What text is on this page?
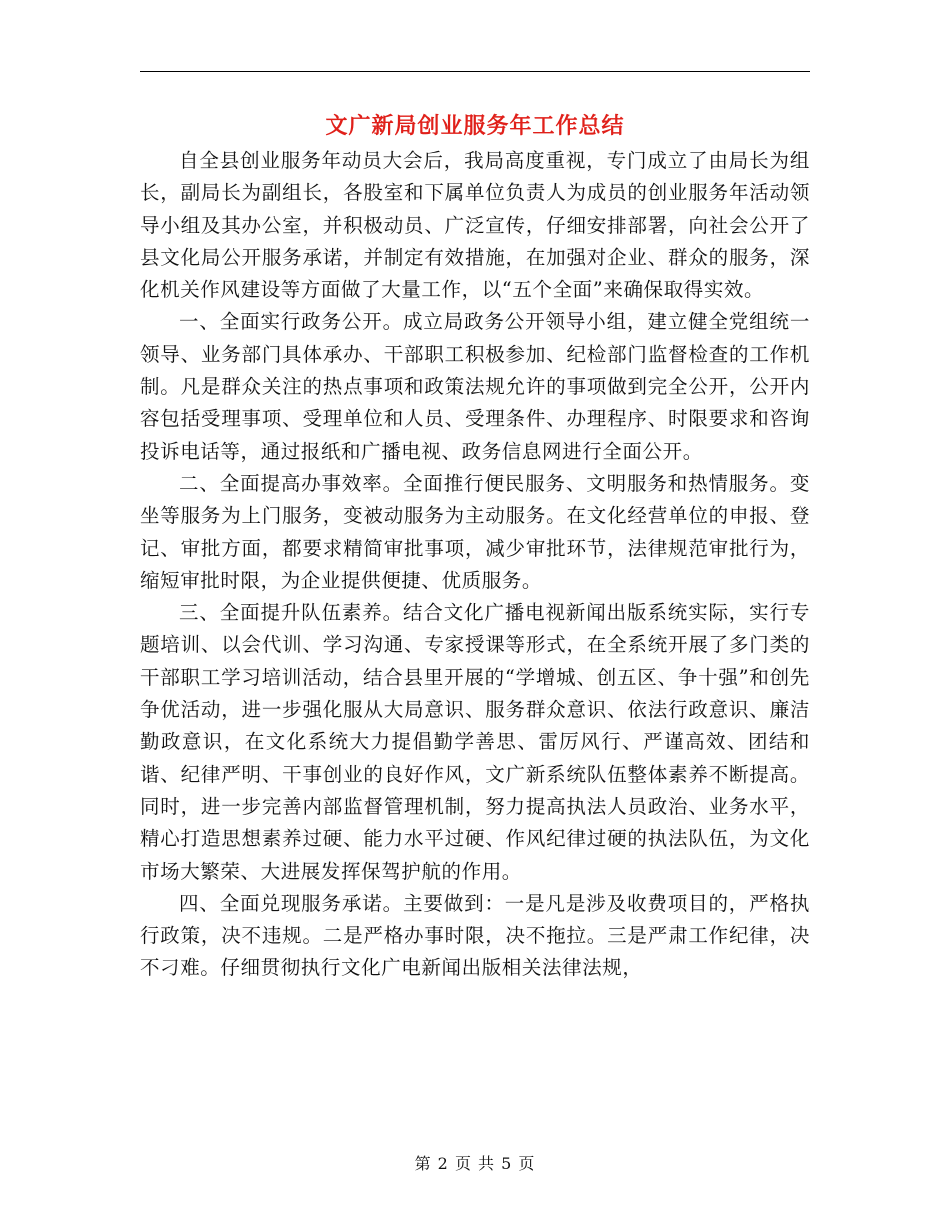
文广新局创业服务年工作总结

自全县创业服务年动员大会后，我局高度重视，专门成立了由局长为组长，副局长为副组长，各股室和下属单位负责人为成员的创业服务年活动领导小组及其办公室，并积极动员、广泛宣传，仔细安排部署，向社会公开了县文化局公开服务承诺，并制定有效措施，在加强对企业、群众的服务，深化机关作风建设等方面做了大量工作，以“五个全面”来确保取得实效。

一、全面实行政务公开。成立局政务公开领导小组，建立健全党组统一领导、业务部门具体承办、干部职工积极参加、纪检部门监督检查的工作机制。凡是群众关注的热点事项和政策法规允许的事项做到完全公开，公开内容包括受理事项、受理单位和人员、受理条件、办理程序、时限要求和咨询投诉电话等，通过报纸和广播电视、政务信息网进行全面公开。

二、全面提高办事效率。全面推行便民服务、文明服务和热情服务。变坐等服务为上门服务，变被动服务为主动服务。在文化经营单位的申报、登记、审批方面，都要求精简审批事项，减少审批环节，法律规范审批行为，缩短审批时限，为企业提供便捷、优质服务。

三、全面提升队伍素养。结合文化广播电视新闻出版系统实际，实行专题培训、以会代训、学习沟通、专家授课等形式，在全系统开展了多门类的干部职工学习培训活动，结合县里开展的“学增城、创五区、争十强”和创先争优活动，进一步强化服从大局意识、服务群众意识、依法行政意识、廉洁勤政意识，在文化系统大力提倡勤学善思、雷厉风行、严谨高效、团结和谐、纪律严明、干事创业的良好作风，文广新系统队伍整体素养不断提高。同时，进一步完善内部监督管理机制，努力提高执法人员政治、业务水平，精心打造思想素养过硬、能力水平过硬、作风纪律过硬的执法队伍，为文化市场大繁荣、大进展发挥保驾护航的作用。

四、全面兑现服务承诺。主要做到：一是凡是涉及收费项目的，严格执行政策，决不违规。二是严格办事时限，决不拖拉。三是严肃工作纪律，决不刁难。仔细贯彻执行文化广电新闻出版相关法律法规，

第 2 页 共 5 页
